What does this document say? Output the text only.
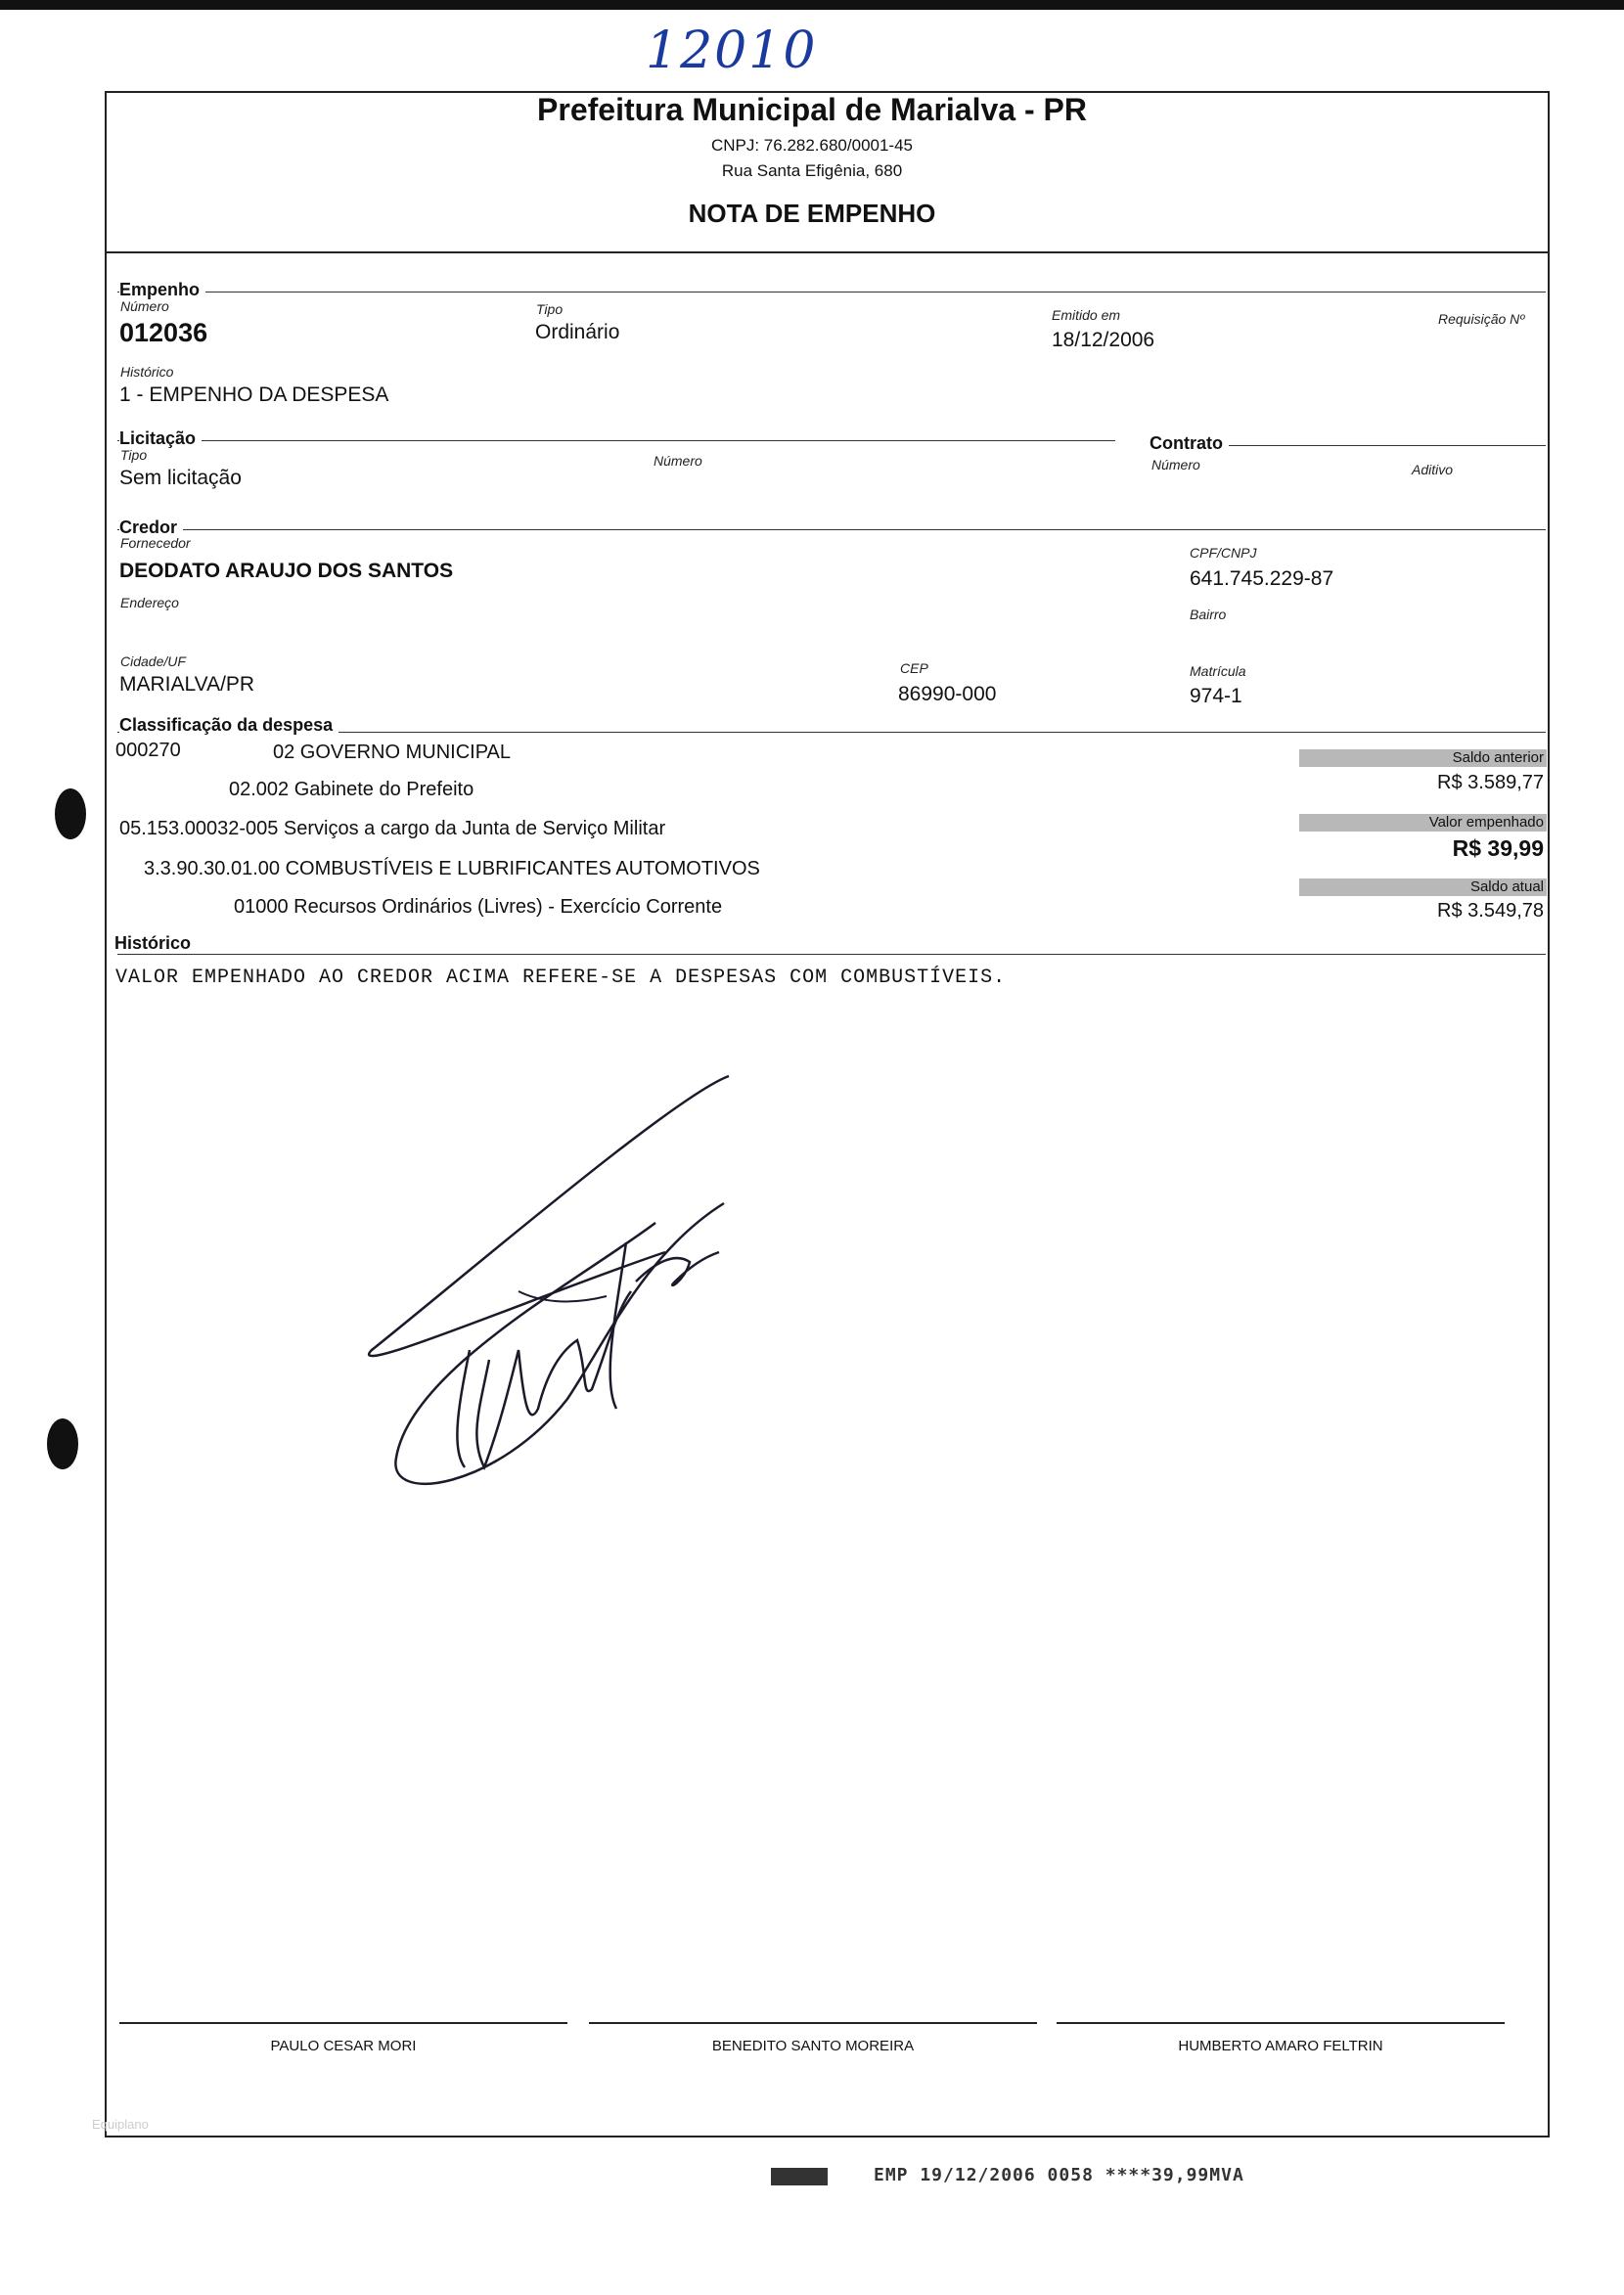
12010
Prefeitura Municipal de Marialva - PR
CNPJ: 76.282.680/0001-45
Rua Santa Efigênia, 680
NOTA DE EMPENHO
Empenho
Número
012036
Tipo
Ordinário
Emitido em
18/12/2006
Requisição Nº
Histórico
1 - EMPENHO DA DESPESA
Licitação
Tipo
Sem licitação
Número
Contrato
Número	Aditivo
Credor
Fornecedor
DEODATO ARAUJO DOS SANTOS
CPF/CNPJ
641.745.229-87
Endereço
Bairro
Cidade/UF
MARIALVA/PR
CEP
86990-000
Matrícula
974-1
Classificação da despesa
000270	02 GOVERNO MUNICIPAL
02.002 Gabinete do Prefeito
05.153.00032-005 Serviços a cargo da Junta de Serviço Militar
3.3.90.30.01.00 COMBUSTÍVEIS E LUBRIFICANTES AUTOMOTIVOS
01000 Recursos Ordinários (Livres) - Exercício Corrente
Saldo anterior
R$ 3.589,77
Valor empenhado
R$ 39,99
Saldo atual
R$ 3.549,78
Histórico
VALOR EMPENHADO AO CREDOR ACIMA REFERE-SE A DESPESAS COM COMBUSTÍVEIS.
PAULO CESAR MORI	BENEDITO SANTO MOREIRA	HUMBERTO AMARO FELTRIN
Equiplano
EMP 19/12/2006 0058 ****39,99MVA
